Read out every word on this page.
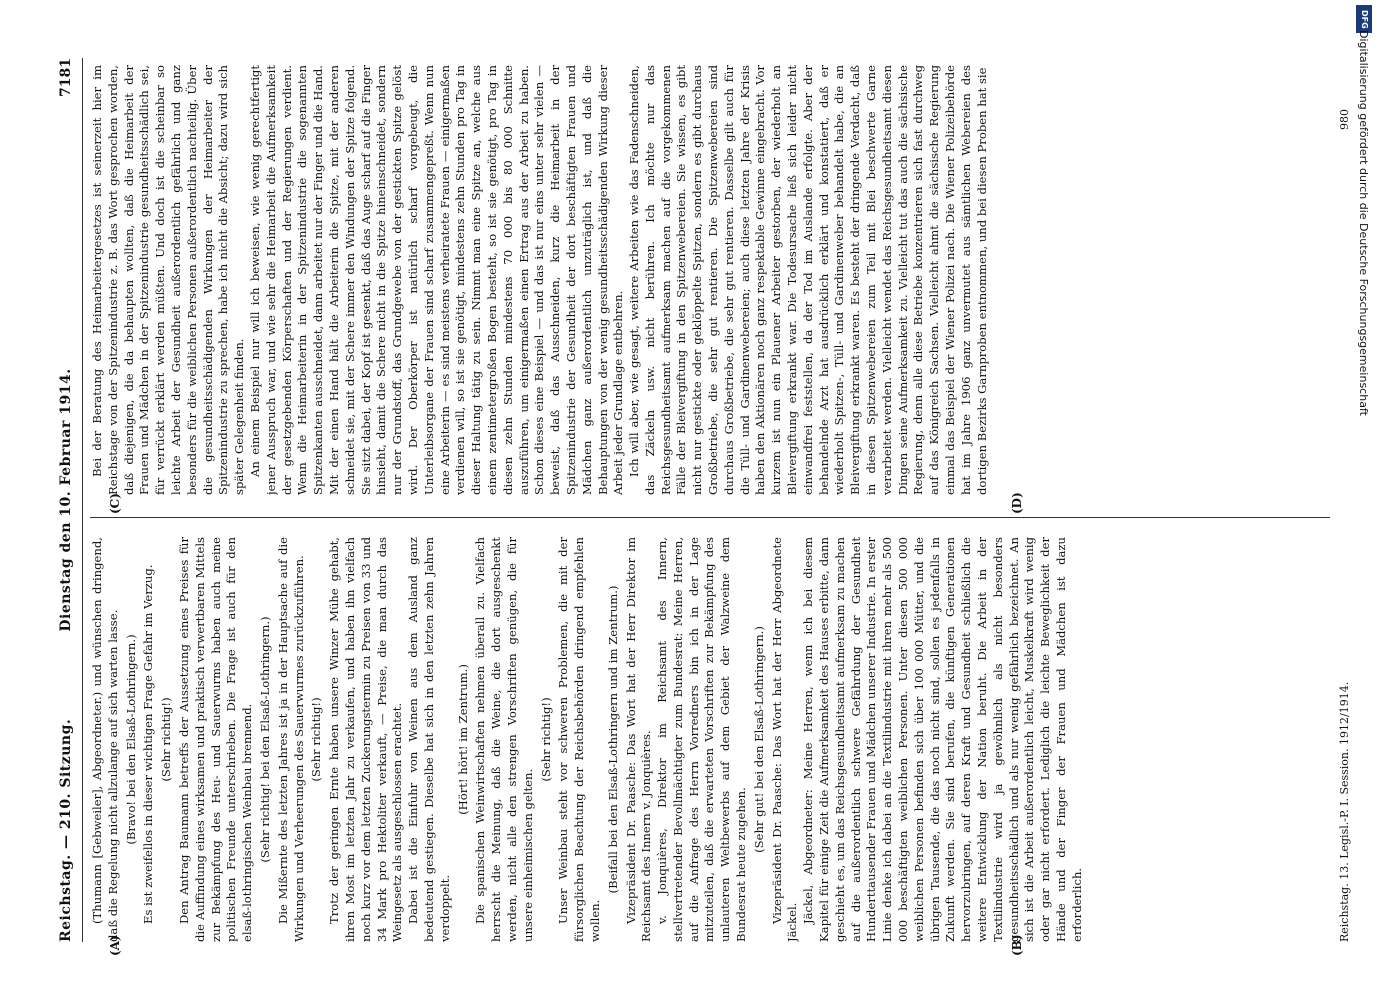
Reichstag. — 210. Sitzung.
Dienstag den 10. Februar 1914.
7181
(A)	(B)
(C)	(D)

(Thumann [Gebweiler], Abgeordneter.) und wünschen dringend, daß die Regelung nicht allzulange auf sich warten lasse. (Bravo! bei den Elsaß-Lothringern.) Es ist zweifellos in dieser wichtigen Frage Gefahr im Verzug. (Sehr richtig!) Den Antrag Baumann betreffs der Aussetzung eines Preises für die Auffindung eines wirksamen und praktisch verwertbaren Mittels zur Bekämpfung des Heu- und Sauerwurms haben auch meine politischen Freunde unterschrieben. Die Frage ist auch für den elsaß-lothringischen Weinbau brennend. (Sehr richtig! bei den Elsaß-Lothringern.) Die Mißernte des letzten Jahres ist ja in der Hauptsache auf die Wirkungen und Verheerungen des Sauerwurmes zurückzuführen. (Sehr richtig!) Trotz der geringen Ernte haben unsere Winzer Mühe gehabt, ihren Most im letzten Jahr zu verkaufen, und haben ihn vielfach noch kurz vor dem letzten Zuckerungstermin zu Preisen von 33 und 34 Mark pro Hektoliter verkauft, — Preise, die man durch das Weingesetz als ausgeschlossen erachtet. Dabei ist die Einfuhr von Weinen aus dem Ausland ganz bedeutend gestiegen. Dieselbe hat sich in den letzten zehn Jahren verdoppelt.

(Hört! hört! im Zentrum.) Die spanischen Weinwirtschaften nehmen überall zu. Vielfach herrscht die Meinung, daß die Weine, die dort ausgeschenkt werden, nicht alle den strengen Vorschriften genügen, die für unsere einheimischen gelten.

(Sehr richtig!) Unser Weinbau steht vor schweren Problemen, die mit der fürsorglichen Beachtung der Reichsbehörden dringend empfehlen wollen.

(Beifall bei den Elsaß-Lothringern und im Zentrum.) Vizepräsident Dr. Paasche: Das Wort hat der Herr Direktor im Reichsamt des Innern v. Jonquières. v. Jonquières, Direktor im Reichsamt des Innern, stellvertretender Bevollmächtigter zum Bundesrat: Meine Herren, auf die Anfrage des Herrn Vorredners bin ich in der Lage mitzuteilen, daß die erwarteten Vorschriften zur Bekämpfung des unlauteren Weltbewerbs auf dem Gebiet der Walzweine dem Bundesrat heute zugehen.

(Sehr gut! bei den Elsaß-Lothringern.) Vizepräsident Dr. Paasche: Das Wort hat der Herr Abgeordnete Jäckel. Jäckel, Abgeordneter: Meine Herren, wenn ich bei diesem Kapitel für einige Zeit die Aufmerksamkeit des Hauses erbitte, dann geschieht es, um das Reichsgesundheitsamt aufmerksam zu machen auf die außerordentlich schwere Gefährdung der Gesundheit Hunderttausender Frauen und Mädchen unserer Industrie. In erster Linie denke ich dabei an die Textilindustrie mit ihren mehr als 500 000 beschäftigten weiblichen Personen. Unter diesen 500 000 weiblichen Personen befinden sich über 100 000 Mütter, und die übrigen Tausende, die das noch nicht sind, sollen es jedenfalls in Zukunft werden. Sie sind berufen, die künftigen Generationen hervorzubringen, auf deren Kraft und Gesundheit schließlich die weitere Entwicklung der Nation beruht. Die Arbeit in der Textilindustrie wird ja gewöhnlich als nicht besonders gesundheitsschädlich und als nur wenig gefährlich bezeichnet. An sich ist die Arbeit außerordentlich leicht, Muskelkraft wird wenig oder gar nicht erfordert. Lediglich die leichte Beweglichkeit der Hände und der Finger der Frauen und Mädchen ist dazu erforderlich.

Bei der Beratung des Heimarbeitergesetzes ist seinerzeit hier im Reichstage von der Spitzenindustrie z. B. das Wort gesprochen worden, daß diejenigen, die da behaupten wollten, daß die Heimarbeit der Frauen und Mädchen in der Spitzenindustrie gesundheitsschädlich sei, für verrückt erklärt werden müßten. Und doch ist die scheinbar so leichte Arbeit der Gesundheit außerordentlich gefährlich und ganz besonders für die weiblichen Personen außerordentlich nachteilig. Über die gesundheitsschädigenden Wirkungen der Heimarbeiter der Spitzenindustrie zu sprechen, habe ich nicht die Absicht; dazu wird sich später Gelegenheit finden. An einem Beispiel nur will ich beweisen, wie wenig gerechtfertigt jener Ausspruch war, und wie sehr die Heimarbeit die Aufmerksamkeit der gesetzgebenden Körperschaften und der Regierungen verdient. Wenn die Heimarbeiterin in der Spitzenindustrie die sogenannten Spitzenkanten ausschneidet, dann arbeitet nur der Finger und die Hand. Mit der einen Hand hält die Arbeiterin die Spitze, mit der anderen schneidet sie, mit der Schere immer den Windungen der Spitze folgend. Sie sitzt dabei, der Kopf ist gesenkt, daß das Auge scharf auf die Finger hinsieht, damit die Schere nicht in die Spitze hineinschneidet, sondern nur der Grundstoff, das Grundgewebe von der gestickten Spitze gelöst wird. Der Oberkörper ist natürlich scharf vorgebeugt, die Unterleibsorgane der Frauen sind scharf zusammengepreßt. Wenn nun eine Arbeiterin — es sind meistens verheiratete Frauen — einigermaßen verdienen will, so ist sie genötigt, mindestens zehn Stunden pro Tag in dieser Haltung tätig zu sein. Nimmt man eine Spitze an, welche aus einem zentimetergroßen Bogen besteht, so ist sie genötigt, pro Tag in diesen zehn Stunden mindestens 70 000 bis 80 000 Schnitte auszuführen, um einigermaßen einen Ertrag aus der Arbeit zu haben. Schon dieses eine Beispiel — und das ist nur eins unter sehr vielen — beweist, daß das Ausschneiden, kurz die Heimarbeit in der Spitzenindustrie der Gesundheit der dort beschäftigten Frauen und Mädchen ganz außerordentlich unzuträglich ist, und daß die Behauptungen von der wenig gesundheitsschädigenden Wirkung dieser Arbeit jeder Grundlage entbehren. Ich will aber, wie gesagt, weitere Arbeiten wie das Fadenschneiden, das Zäckeln usw. nicht berühren. Ich möchte nur das Reichsgesundheitsamt aufmerksam machen auf die vorgekommenen Fälle der Bleivergiftung in den Spitzenwebereien. Sie wissen, es gibt nicht nur gestickte oder geklöppelte Spitzen, sondern es gibt durchaus Großbetriebe, die sehr gut rentieren. Die Spitzenwebereien sind durchaus Großbetriebe, die sehr gut rentieren. Dasselbe gilt auch für die Tüll- und Gardinenwebereien; auch diese letzten Jahre der Krisis haben den Aktionären noch ganz respektable Gewinne eingebracht. Vor kurzem ist nun ein Plauener Arbeiter gestorben, der wiederholt an Bleivergiftung erkrankt war. Die Todesursache ließ sich leider nicht einwandfrei feststellen, da der Tod im Auslande erfolgte. Aber der behandelnde Arzt hat ausdrücklich erklärt und konstatiert, daß er wiederholt Spitzen-, Tüll- und Gardinenweber behandelt habe, die an Bleivergiftung erkrankt waren. Es besteht der dringende Verdacht, daß in diesen Spitzenwebereien zum Teil mit Blei beschwerte Garne verarbeitet werden. Vielleicht wendet das Reichsgesundheitsamt diesen Dingen seine Aufmerksamkeit zu. Vielleicht tut das auch die sächsische Regierung, denn alle diese Betriebe konzentrieren sich fast durchweg auf das Königreich Sachsen. Vielleicht ahmt die sächsische Regierung einmal das Beispiel der Wiener Polizei nach. Die Wiener Polizeibehörde hat im Jahre 1906 ganz unvermutet aus sämtlichen Webereien des dortigen Bezirks Garnproben entnommen, und bei diesen Proben hat sie

Reichstag. 13. Legisl.-P. I. Session. 1912/1914.
980
DFG
Digitalisierung gefördert durch die Deutsche Forschungsgemeinschaft
